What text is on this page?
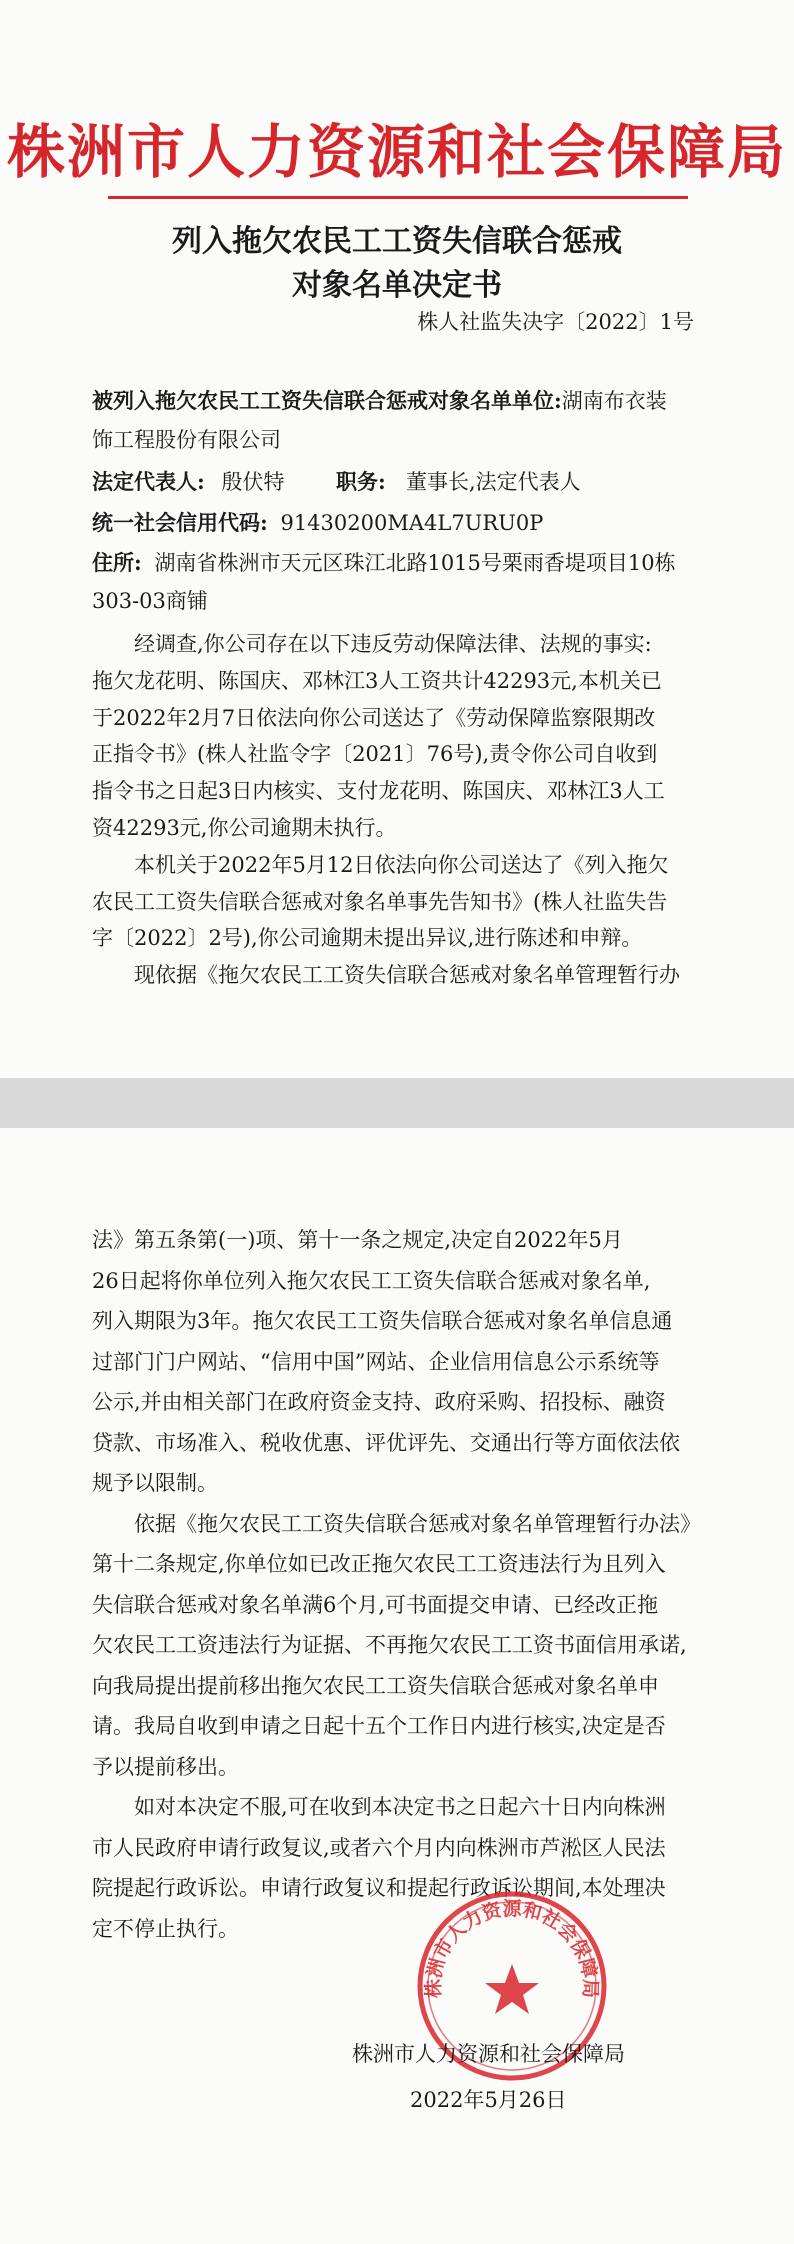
株洲市人力资源和社会保障局
列入拖欠农民工工资失信联合惩戒
对象名单决定书
株人社监失决字〔2022〕1号
被列入拖欠农民工工资失信联合惩戒对象名单单位:湖南布衣装
饰工程股份有限公司
法定代表人: 殷伏特 职务: 董事长,法定代表人
统一社会信用代码: 91430200MA4L7URU0P
住所: 湖南省株洲市天元区珠江北路1015号栗雨香堤项目10栋
303-03商铺
经调查,你公司存在以下违反劳动保障法律、法规的事实:
拖欠龙花明、陈国庆、邓林江3人工资共计42293元,本机关已
于2022年2月7日依法向你公司送达了《劳动保障监察限期改
正指令书》(株人社监令字〔2021〕76号),责令你公司自收到
指令书之日起3日内核实、支付龙花明、陈国庆、邓林江3人工
资42293元,你公司逾期未执行。
本机关于2022年5月12日依法向你公司送达了《列入拖欠
农民工工资失信联合惩戒对象名单事先告知书》(株人社监失告
字〔2022〕2号),你公司逾期未提出异议,进行陈述和申辩。
现依据《拖欠农民工工资失信联合惩戒对象名单管理暂行办
法》第五条第(一)项、第十一条之规定,决定自2022年5月
26日起将你单位列入拖欠农民工工资失信联合惩戒对象名单,
列入期限为3年。拖欠农民工工资失信联合惩戒对象名单信息通
过部门门户网站、“信用中国”网站、企业信用信息公示系统等
公示,并由相关部门在政府资金支持、政府采购、招投标、融资
贷款、市场准入、税收优惠、评优评先、交通出行等方面依法依
规予以限制。
依据《拖欠农民工工资失信联合惩戒对象名单管理暂行办法》
第十二条规定,你单位如已改正拖欠农民工工资违法行为且列入
失信联合惩戒对象名单满6个月,可书面提交申请、已经改正拖
欠农民工工资违法行为证据、不再拖欠农民工工资书面信用承诺,
向我局提出提前移出拖欠农民工工资失信联合惩戒对象名单申
请。我局自收到申请之日起十五个工作日内进行核实,决定是否
予以提前移出。
如对本决定不服,可在收到本决定书之日起六十日内向株洲
市人民政府申请行政复议,或者六个月内向株洲市芦淞区人民法
院提起行政诉讼。申请行政复议和提起行政诉讼期间,本处理决
定不停止执行。
株洲市人力资源和社会保障局
株洲市人力资源和社会保障局
2022年5月26日
